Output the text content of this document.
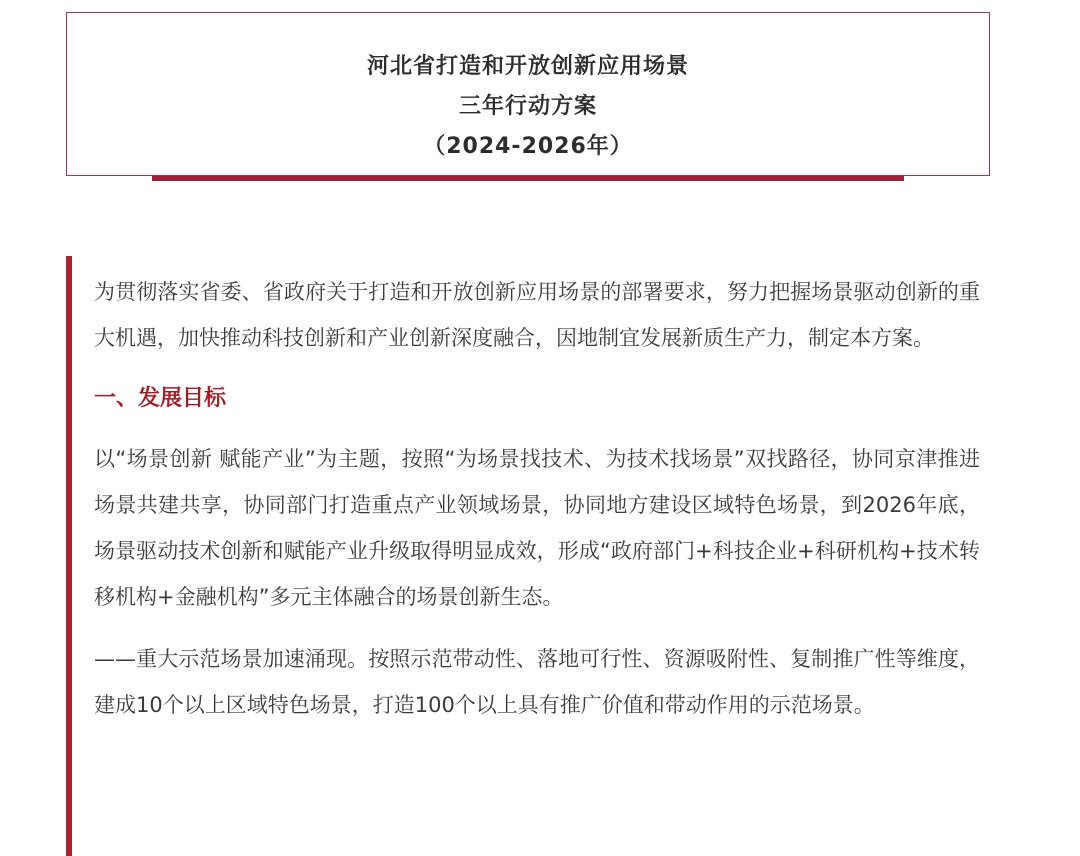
河北省打造和开放创新应用场景
三年行动方案
（2024-2026年）

为贯彻落实省委、省政府关于打造和开放创新应用场景的部署要求，努力把握场景驱动创新的重大机遇，加快推动科技创新和产业创新深度融合，因地制宜发展新质生产力，制定本方案。

一、发展目标

以“场景创新 赋能产业”为主题，按照“为场景找技术、为技术找场景”双找路径，协同京津推进场景共建共享，协同部门打造重点产业领域场景，协同地方建设区域特色场景，到2026年底，场景驱动技术创新和赋能产业升级取得明显成效，形成“政府部门+科技企业+科研机构+技术转移机构+金融机构”多元主体融合的场景创新生态。

——重大示范场景加速涌现。按照示范带动性、落地可行性、资源吸附性、复制推广性等维度，建成10个以上区域特色场景，打造100个以上具有推广价值和带动作用的示范场景。
